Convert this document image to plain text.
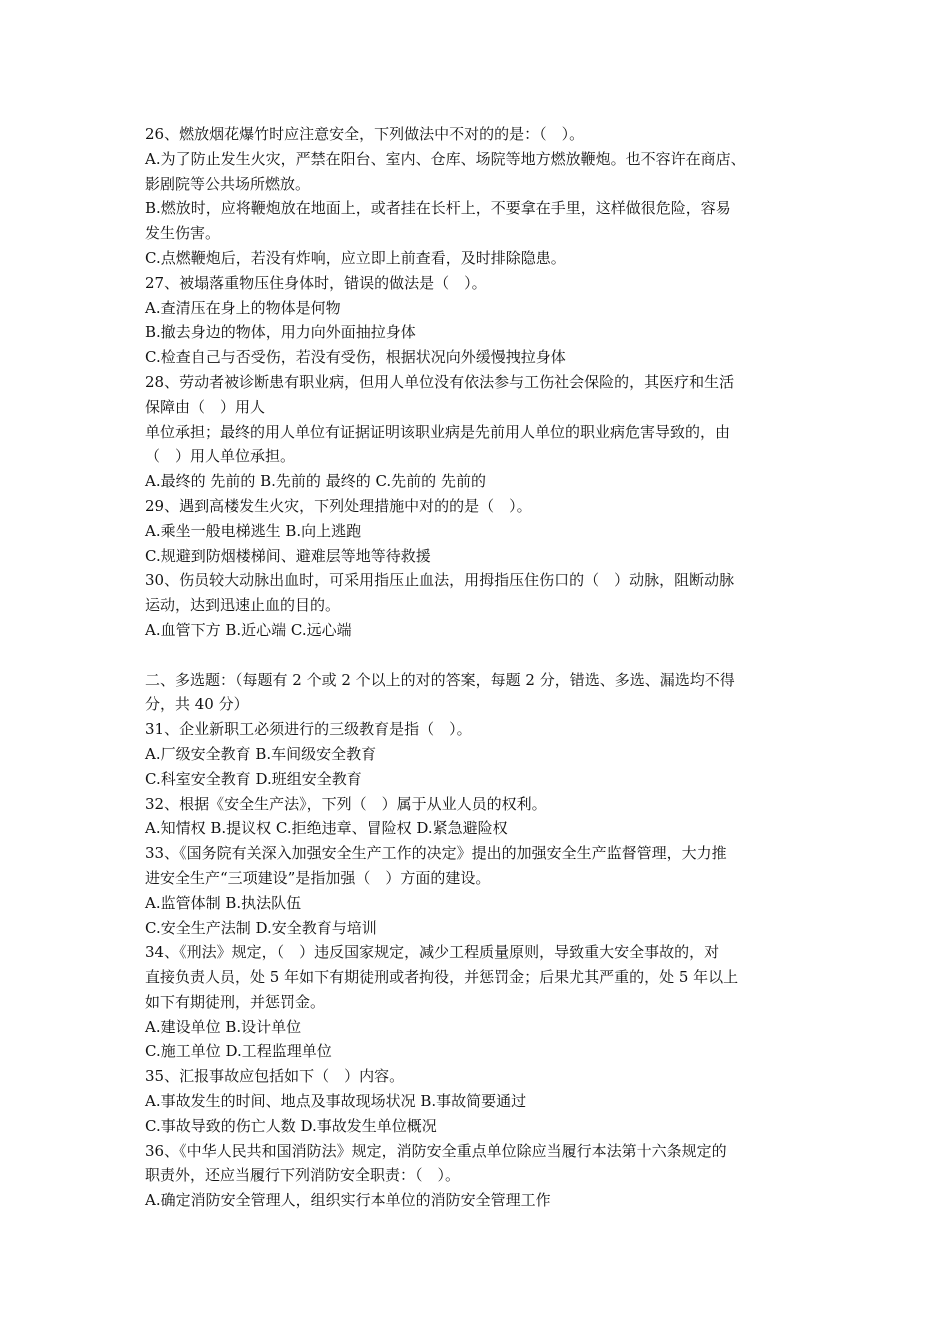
26、燃放烟花爆竹时应注意安全，下列做法中不对的的是：（　）。
A.为了防止发生火灾，严禁在阳台、室内、仓库、场院等地方燃放鞭炮。也不容许在商店、
影剧院等公共场所燃放。
B.燃放时，应将鞭炮放在地面上，或者挂在长杆上，不要拿在手里，这样做很危险，容易
发生伤害。
C.点燃鞭炮后，若没有炸响，应立即上前查看，及时排除隐患。
27、被塌落重物压住身体时，错误的做法是（　）。
A.查清压在身上的物体是何物
B.撤去身边的物体，用力向外面抽拉身体
C.检查自己与否受伤，若没有受伤，根据状况向外缓慢拽拉身体
28、劳动者被诊断患有职业病，但用人单位没有依法参与工伤社会保险的，其医疗和生活
保障由（　）用人
单位承担；最终的用人单位有证据证明该职业病是先前用人单位的职业病危害导致的，由
（　）用人单位承担。
A.最终的 先前的 B.先前的 最终的 C.先前的 先前的
29、遇到高楼发生火灾，下列处理措施中对的的是（　）。
A.乘坐一般电梯逃生 B.向上逃跑
C.规避到防烟楼梯间、避难层等地等待救援
30、伤员较大动脉出血时，可采用指压止血法，用拇指压住伤口的（　）动脉，阻断动脉
运动，达到迅速止血的目的。
A.血管下方 B.近心端 C.远心端
二、多选题：（每题有 2 个或 2 个以上的对的答案，每题 2 分，错选、多选、漏选均不得
分，共 40 分）
31、企业新职工必须进行的三级教育是指（　）。
A.厂级安全教育 B.车间级安全教育
C.科室安全教育 D.班组安全教育
32、根据《安全生产法》，下列（　）属于从业人员的权利。
A.知情权 B.提议权 C.拒绝违章、冒险权 D.紧急避险权
33、《国务院有关深入加强安全生产工作的决定》提出的加强安全生产监督管理，大力推
进安全生产“三项建设”是指加强（　）方面的建设。
A.监管体制 B.执法队伍
C.安全生产法制 D.安全教育与培训
34、《刑法》规定，（　）违反国家规定，减少工程质量原则，导致重大安全事故的，对
直接负责人员，处 5 年如下有期徒刑或者拘役，并惩罚金；后果尤其严重的，处 5 年以上
如下有期徒刑，并惩罚金。
A.建设单位 B.设计单位
C.施工单位 D.工程监理单位
35、汇报事故应包括如下（　）内容。
A.事故发生的时间、地点及事故现场状况 B.事故简要通过
C.事故导致的伤亡人数 D.事故发生单位概况
36、《中华人民共和国消防法》规定，消防安全重点单位除应当履行本法第十六条规定的
职责外，还应当履行下列消防安全职责：（　）。
A.确定消防安全管理人，组织实行本单位的消防安全管理工作
